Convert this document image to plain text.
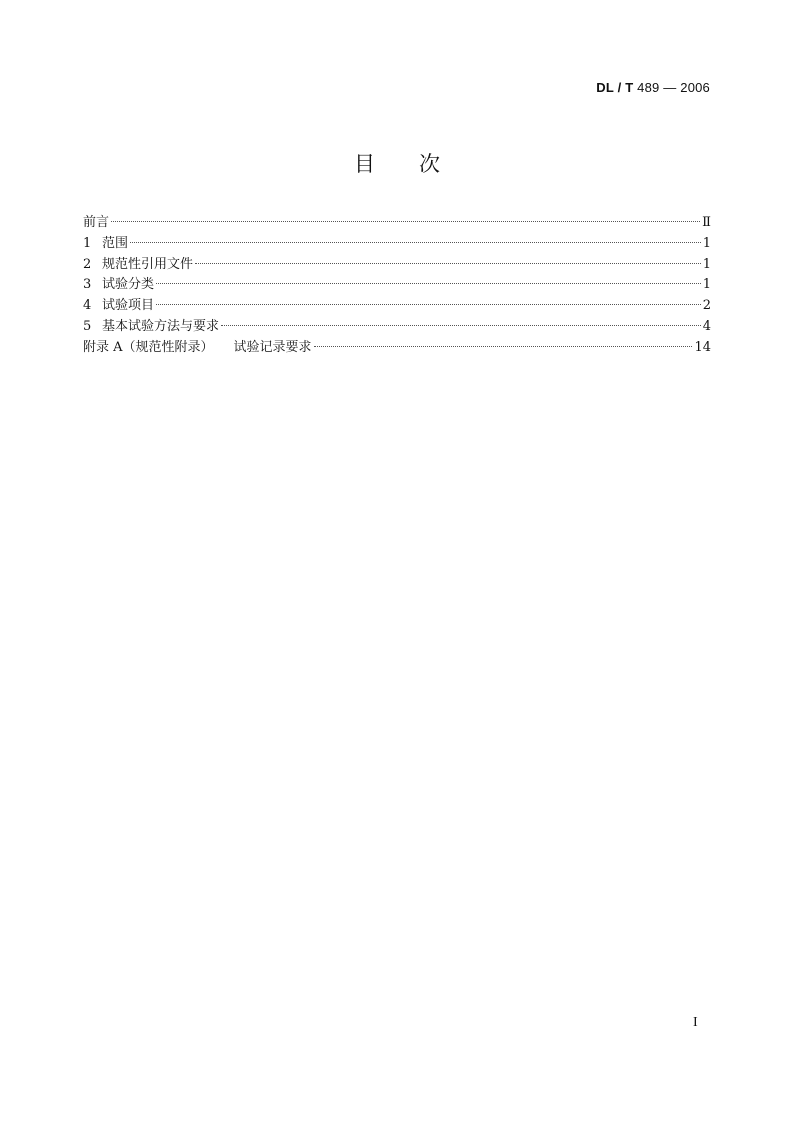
DL / T 489 — 2006
目 次
前言	Ⅱ
1 范围	1
2 规范性引用文件	1
3 试验分类	1
4 试验项目	2
5 基本试验方法与要求	4
附录 A（规范性附录） 试验记录要求	14
I
